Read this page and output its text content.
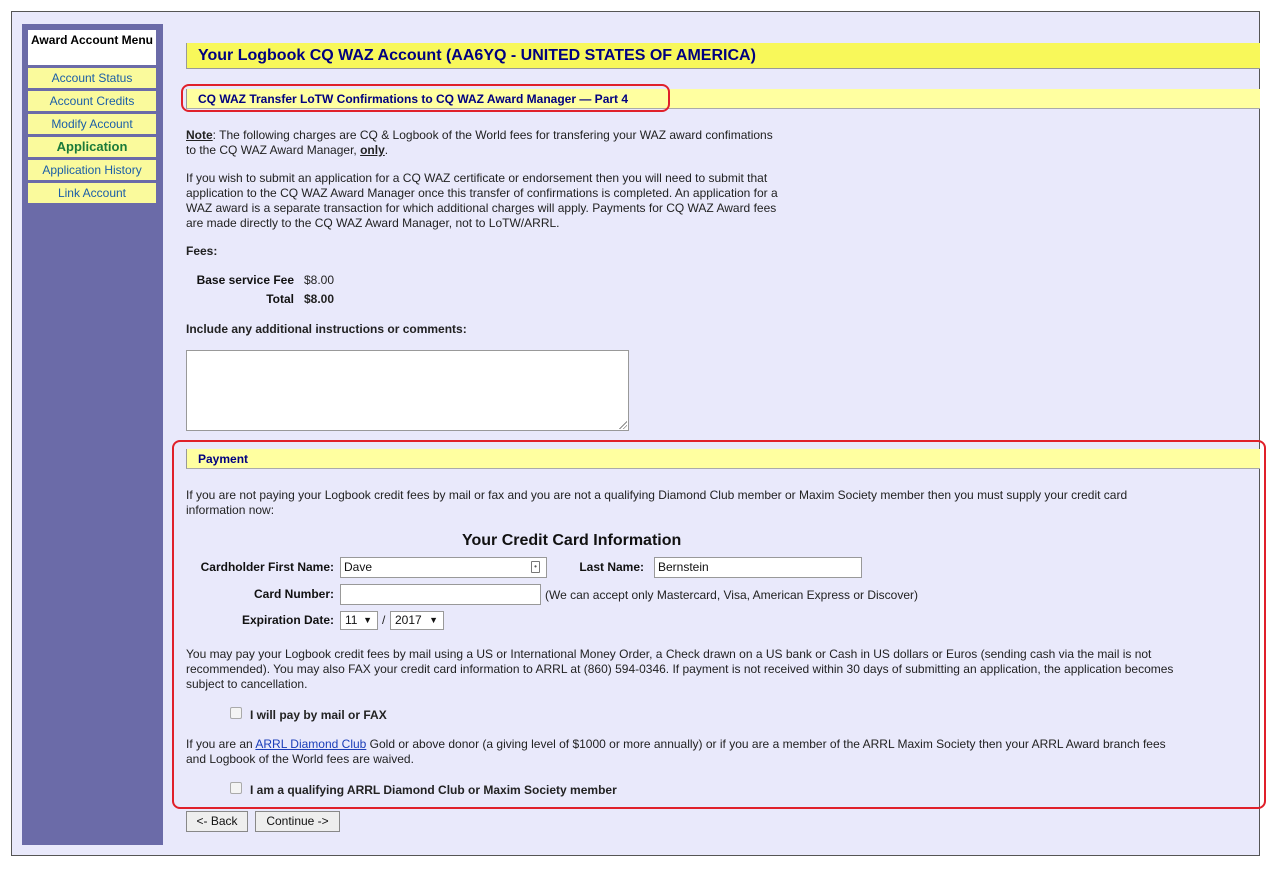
Award Account Menu
Account Status
Account Credits
Modify Account
Application
Application History
Link Account
Your Logbook CQ WAZ Account (AA6YQ - UNITED STATES OF AMERICA)
CQ WAZ Transfer LoTW Confirmations to CQ WAZ Award Manager — Part 4
Note: The following charges are CQ & Logbook of the World fees for transfering your WAZ award confimations
to the CQ WAZ Award Manager, only.
If you wish to submit an application for a CQ WAZ certificate or endorsement then you will need to submit that
application to the CQ WAZ Award Manager once this transfer of confirmations is completed. An application for a
WAZ award is a separate transaction for which additional charges will apply. Payments for CQ WAZ Award fees
are made directly to the CQ WAZ Award Manager, not to LoTW/ARRL.
Fees:
Base service Fee $8.00
Total $8.00
Include any additional instructions or comments:
Payment
If you are not paying your Logbook credit fees by mail or fax and you are not a qualifying Diamond Club member or Maxim Society member then you must supply your credit card
information now:
Your Credit Card Information
Cardholder First Name: Dave	•	Last Name:	Bernstein
Card Number:	(We can accept only Mastercard, Visa, American Express or Discover)
Expiration Date: 11 ▼ / 2017 ▼
You may pay your Logbook credit fees by mail using a US or International Money Order, a Check drawn on a US bank or Cash in US dollars or Euros (sending cash via the mail is not
recommended). You may also FAX your credit card information to ARRL at (860) 594-0346. If payment is not received within 30 days of submitting an application, the application becomes
subject to cancellation.
I will pay by mail or FAX
If you are an ARRL Diamond Club Gold or above donor (a giving level of $1000 or more annually) or if you are a member of the ARRL Maxim Society then your ARRL Award branch fees
and Logbook of the World fees are waived.
I am a qualifying ARRL Diamond Club or Maxim Society member
<- Back	Continue ->
